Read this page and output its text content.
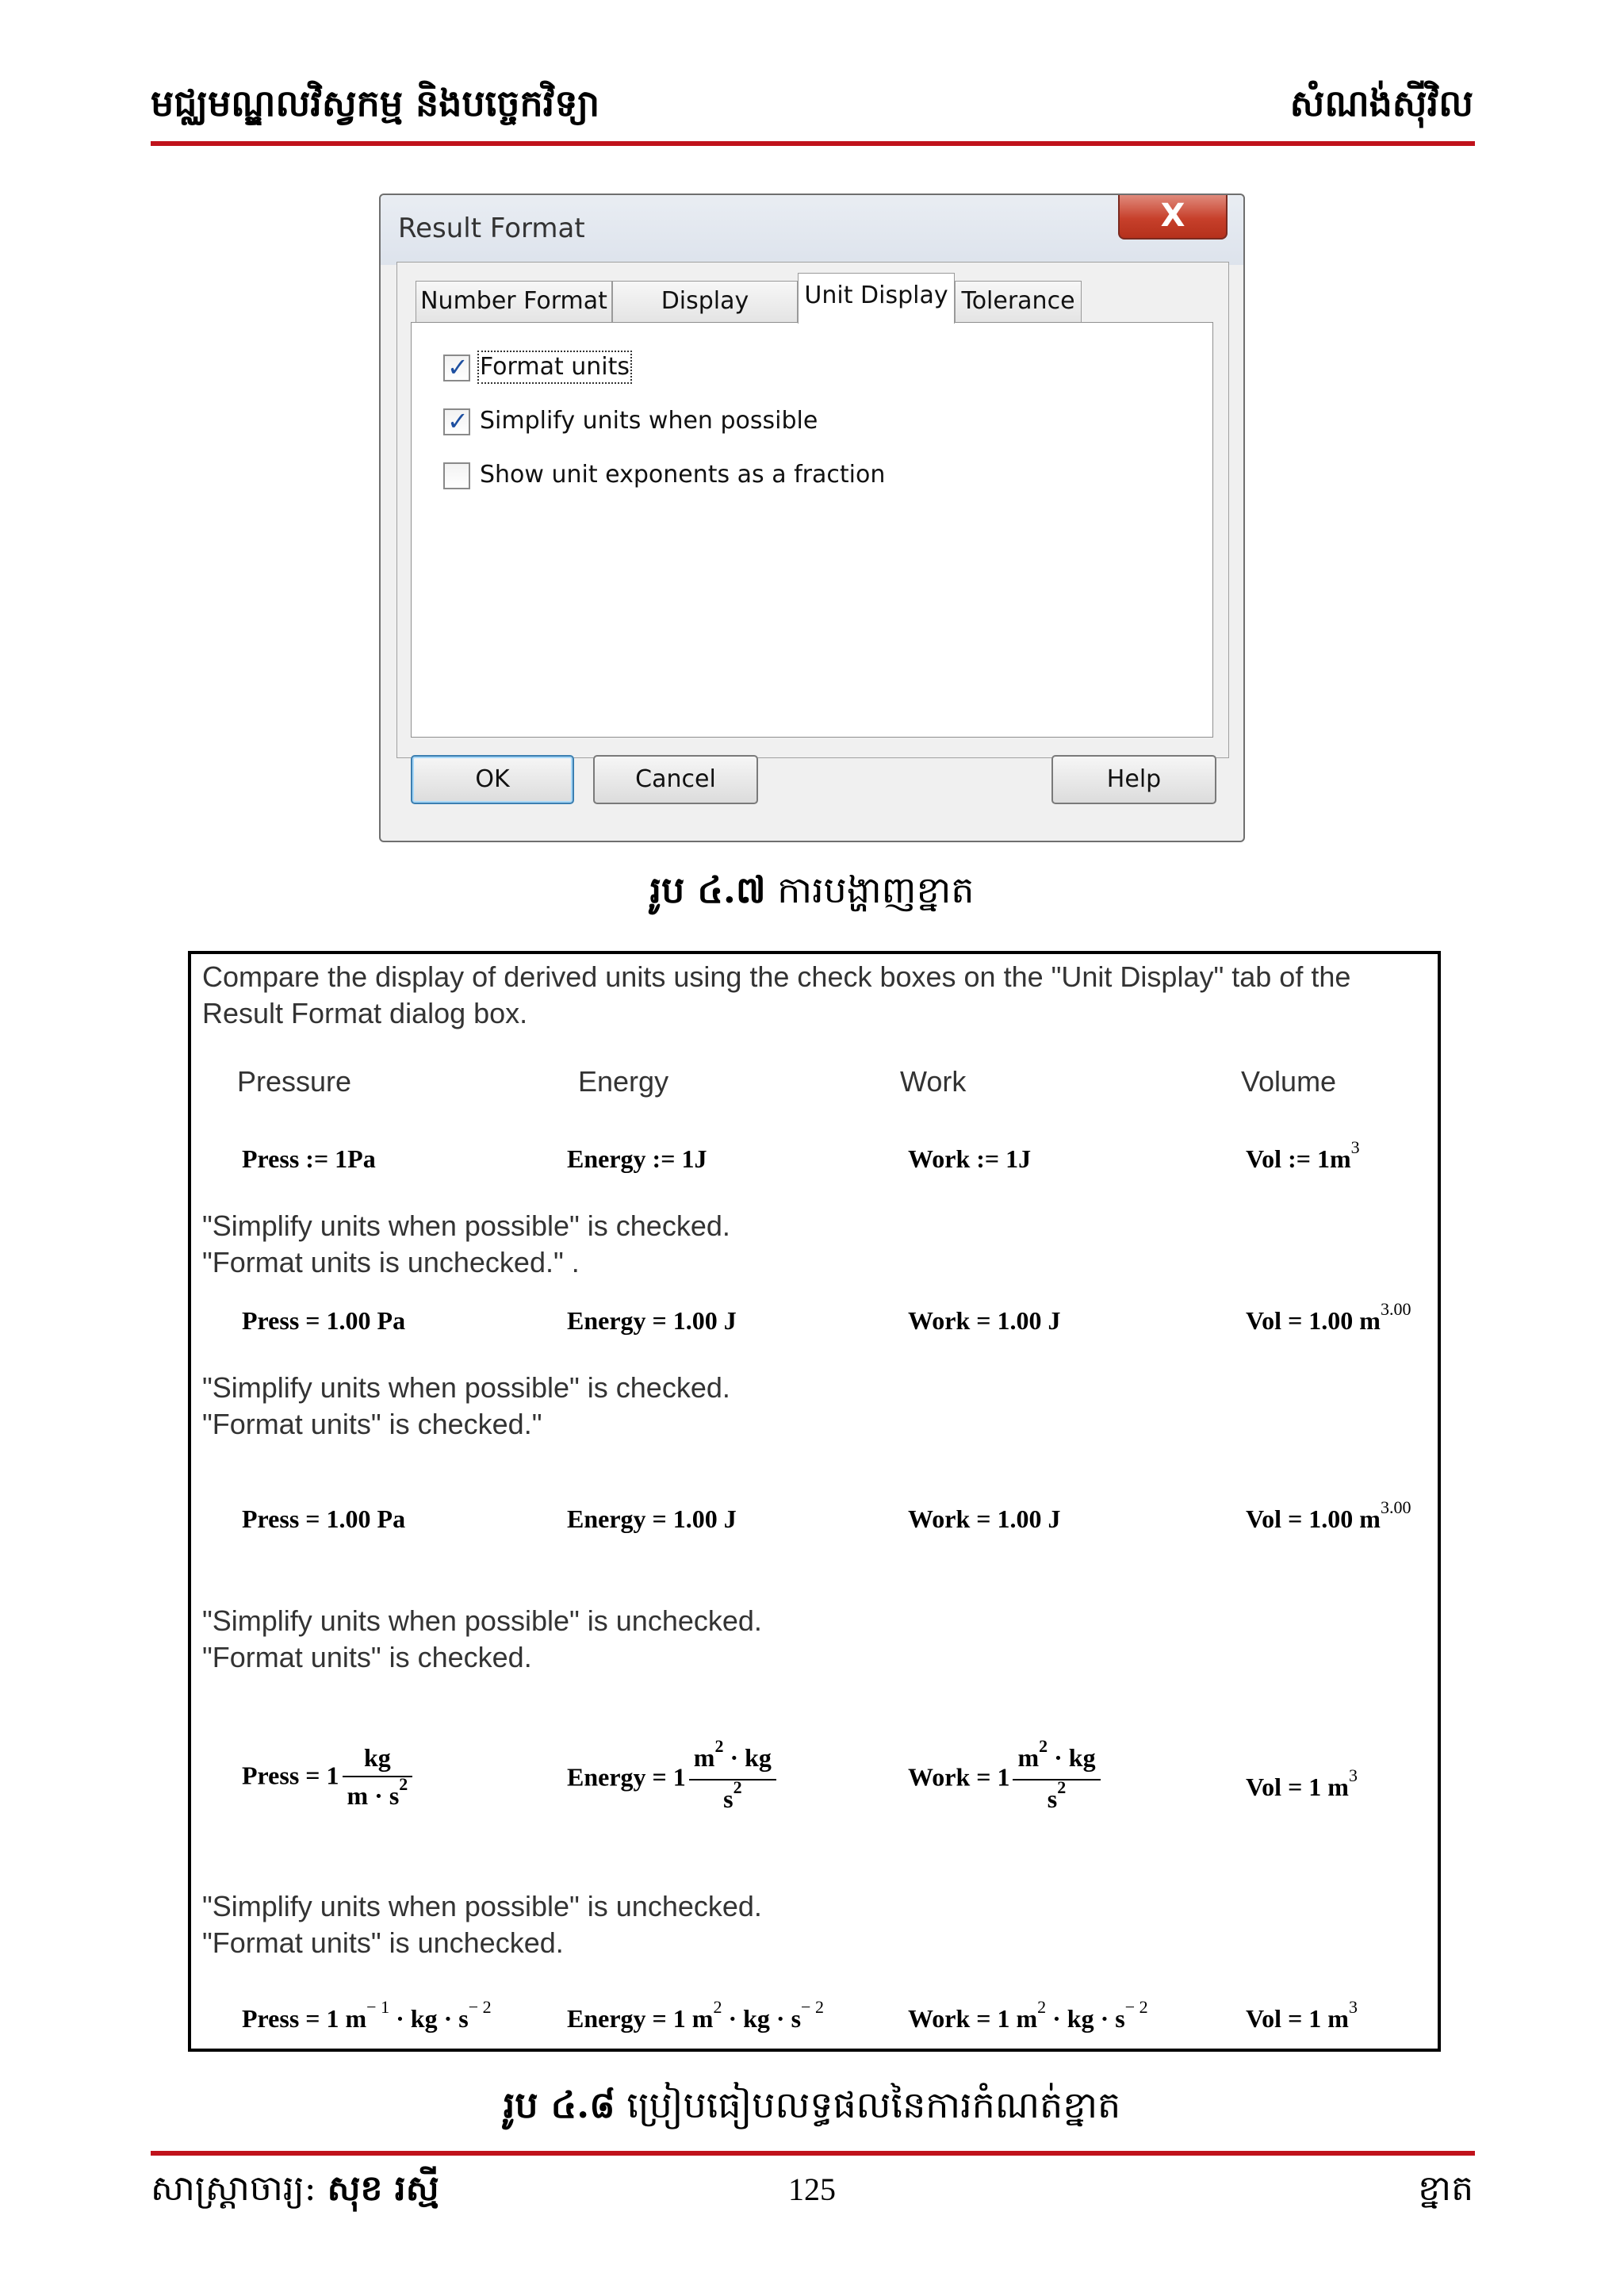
មជ្ឈមណ្ឌលវិស្វកម្ម និងបច្ចេកវិទ្យា	សំណង់ស៊ីវិល
Result Format	X
Number Format	Display	Unit Display Tolerance
✓ Format units
✓ Simplify units when possible
Show unit exponents as a fraction
OK	Cancel	Help
រូប ៤.៧ ការបង្ហាញខ្នាត
Compare the display of derived units using the check boxes on the "Unit Display" tab of the Result Format dialog box.
Pressure	Energy	Work	Volume
Press := 1Pa	Energy := 1J	Work := 1J	Vol := $1m^3$
"Simplify units when possible" is checked.
"Format units is unchecked." .
Press = 1.00 Pa	Energy = 1.00 J	Work = 1.00 J	Vol = 1.00 $m^{3.00}$
"Simplify units when possible" is checked.
"Format units" is checked."
Press = 1.00 Pa	Energy = 1.00 J	Work = 1.00 J	Vol = 1.00 $m^{3.00}$
"Simplify units when possible" is unchecked.
"Format units" is checked.
Press = $1 \frac{kg}{m \cdot s^2}$	Energy = $1 \frac{m^2 \cdot kg}{s^2}$	Work = $1 \frac{m^2 \cdot kg}{s^2}$	Vol = 1 $m^3$
"Simplify units when possible" is unchecked.
"Format units" is unchecked.
Press = 1 $m^{- 1}$ · kg · $s^{- 2}$	Energy = 1 $m^2$ · kg · $s^{- 2}$	Work = 1 $m^2$ · kg · $s^{- 2}$	Vol = 1 $m^3$
រូប ៤.៨ ប្រៀបធៀបលទ្ធផលនៃការកំណត់ខ្នាត
សាស្ត្រាចារ្យ: សុខ រស្មី	125	ខ្នាត
